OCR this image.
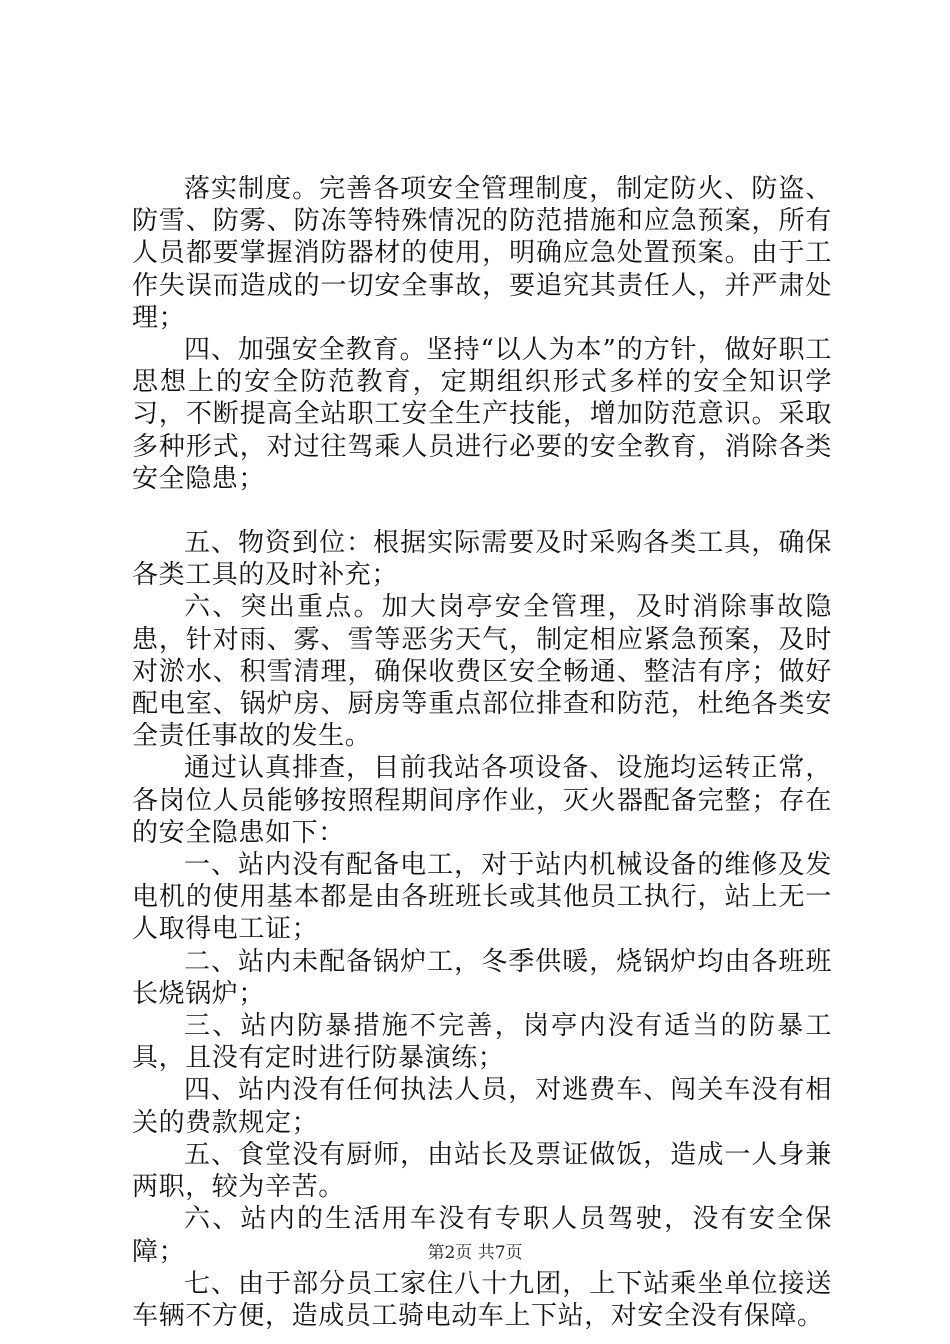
落实制度。完善各项安全管理制度，制定防火、防盗、防雪、防雾、防冻等特殊情况的防范措施和应急预案，所有人员都要掌握消防器材的使用，明确应急处置预案。由于工作失误而造成的一切安全事故，要追究其责任人，并严肃处理；

四、加强安全教育。坚持“以人为本”的方针，做好职工思想上的安全防范教育，定期组织形式多样的安全知识学习，不断提高全站职工安全生产技能，增加防范意识。采取多种形式，对过往驾乘人员进行必要的安全教育，消除各类安全隐患；

五、物资到位：根据实际需要及时采购各类工具，确保各类工具的及时补充；

六、突出重点。加大岗亭安全管理，及时消除事故隐患，针对雨、雾、雪等恶劣天气，制定相应紧急预案，及时对淤水、积雪清理，确保收费区安全畅通、整洁有序；做好配电室、锅炉房、厨房等重点部位排查和防范，杜绝各类安全责任事故的发生。

通过认真排查，目前我站各项设备、设施均运转正常，各岗位人员能够按照程期间序作业，灭火器配备完整；存在的安全隐患如下：

一、站内没有配备电工，对于站内机械设备的维修及发电机的使用基本都是由各班班长或其他员工执行，站上无一人取得电工证；

二、站内未配备锅炉工，冬季供暖，烧锅炉均由各班班长烧锅炉；

三、站内防暴措施不完善，岗亭内没有适当的防暴工具，且没有定时进行防暴演练；

四、站内没有任何执法人员，对逃费车、闯关车没有相关的费款规定；

五、食堂没有厨师，由站长及票证做饭，造成一人身兼两职，较为辛苦。

六、站内的生活用车没有专职人员驾驶，没有安全保障；

七、由于部分员工家住八十九团，上下站乘坐单位接送车辆不方便，造成员工骑电动车上下站，对安全没有保障。

第2页 共7页
